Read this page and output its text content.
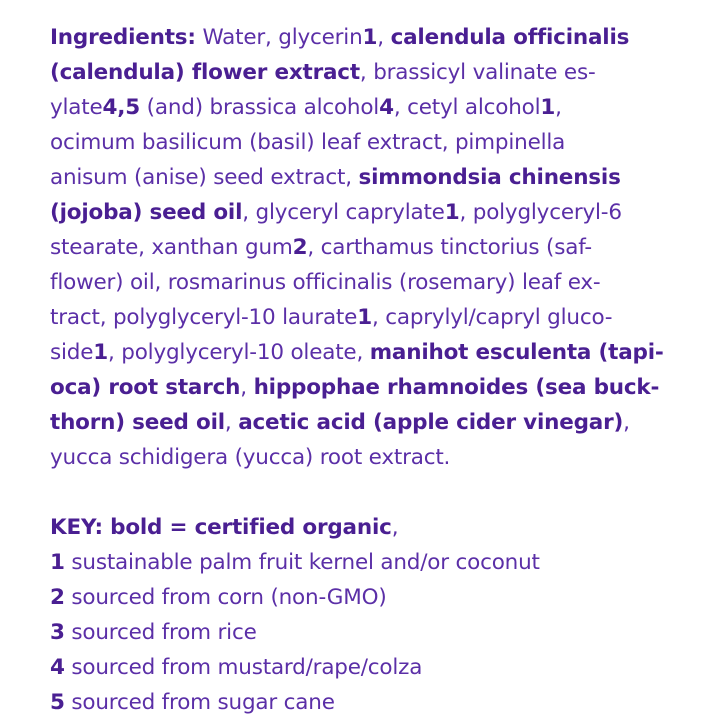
Ingredients: Water, glycerin1, calendula officinalis
(calendula) flower extract, brassicyl valinate es-
ylate4,5 (and) brassica alcohol4, cetyl alcohol1,
ocimum basilicum (basil) leaf extract, pimpinella
anisum (anise) seed extract, simmondsia chinensis
(jojoba) seed oil, glyceryl caprylate1, polyglyceryl-6
stearate, xanthan gum2, carthamus tinctorius (saf-
flower) oil, rosmarinus officinalis (rosemary) leaf ex-
tract, polyglyceryl-10 laurate1, caprylyl/capryl gluco-
side1, polyglyceryl-10 oleate, manihot esculenta (tapi-
oca) root starch, hippophae rhamnoides (sea buck-
thorn) seed oil, acetic acid (apple cider vinegar),
yucca schidigera (yucca) root extract.
KEY: bold = certified organic,
1 sustainable palm fruit kernel and/or coconut
2 sourced from corn (non-GMO)
3 sourced from rice
4 sourced from mustard/rape/colza
5 sourced from sugar cane
